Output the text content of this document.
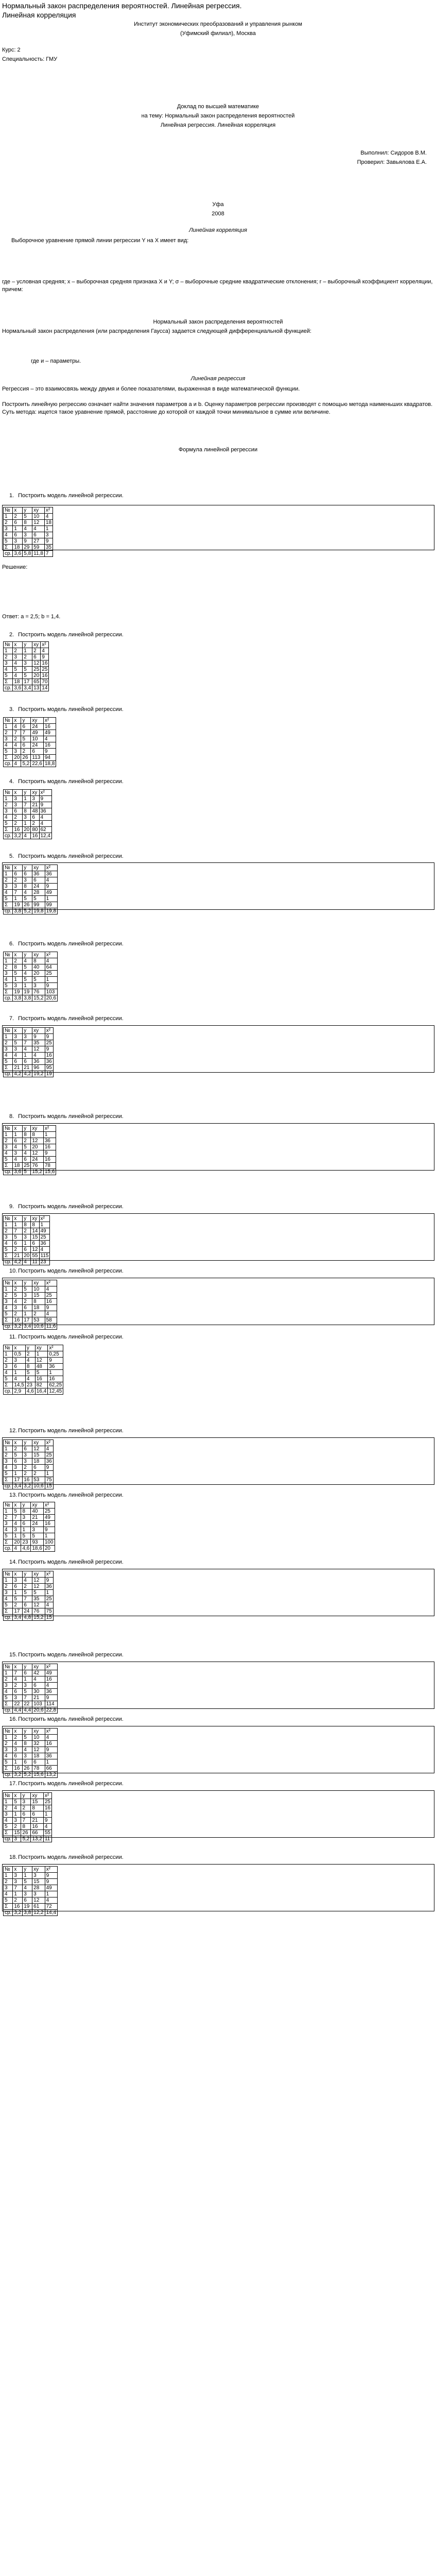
Нормальный закон распределения вероятностей. Линейная регрессия. Линейная корреляция
Институт экономических преобразований и управления рынком
(Уфимский филиал), Москва
Курс: 2
Специальность: ГМУ
Доклад по высшей математике
на тему: Нормальный закон распределения вероятностей
Линейная регрессия. Линейная корреляция
Выполнил: Сидоров В.М.
Проверил: Завьялова Е.А.
Уфа
2008
Линейная корреляция
Выборочное уравнение прямой линии регрессии Y на X имеет вид:
где – условная средняя; x – выборочная средняя признака X и Y; σ – выборочные средние квадратические отклонения; r – выборочный коэффициент корреляции, причем:
Нормальный закон распределения вероятностей
Нормальный закон распределения (или распределения Гаусса) задается следующей дифференциальной функцией:
где и – параметры.
Линейная регрессия
Регрессия – это взаимосвязь между двумя и более показателями, выраженная в виде математической функции.
Построить линейную регрессию означает найти значения параметров a и b. Оценку параметров регрессии производят с помощью метода наименьших квадратов. Суть метода: ищется такое уравнение прямой, расстояние до которой от каждой точки минимальное в сумме или величине.
Формула линейной регрессии
1. Построить модель линейной регрессии.
№	x	y	xy	x²
1	2	5	10	4
2	6	8	12	18
3	1	4	4	1
4	6	3	6	3
5	3	9	27	9
Σ	18	29	59	35
ср.	3,6	5,8	11,8	7
Решение:
Ответ: a = 2,5; b = 1,4.
2. Построить модель линейной регрессии.
№	x	y	xy	x²
1	2	1	2	4
2	3	2	6	9
3	4	3	12	16
4	5	5	25	25
5	4	5	20	16
Σ	18	17	65	70
ср.	3,6	3,4	13	14
3. Построить модель линейной регрессии.
№	x	y	xy	x²
1	4	6	24	16
2	7	7	49	49
3	2	5	10	4
4	4	6	24	16
5	3	2	6	9
Σ	20	26	113	94
ср.	4	5,2	22,6	18,8
4. Построить модель линейной регрессии.
№	x	y	xy	x²
1	3	1	3	9
2	3	7	21	9
3	6	8	48	36
4	2	3	6	4
5	2	1	2	4
Σ	16	20	80	62
ср.	3,2	4	16	12,4
5. Построить модель линейной регрессии.
№	x	y	xy	x²
1	6	6	36	36
2	2	3	6	4
3	3	8	24	9
4	7	4	28	49
5	1	5	5	1
Σ	19	26	99	99
ср.	3,8	5,2	19,8	19,8
6. Построить модель линейной регрессии.
№	x	y	xy	x²
1	2	4	8	4
2	8	5	40	64
3	5	4	20	25
4	1	5	5	1
5	3	1	3	9
Σ	19	19	76	103
ср.	3,8	3,8	15,2	20,6
7. Построить модель линейной регрессии.
№	x	y	xy	x²
1	3	3	9	9
2	5	7	35	25
3	3	4	12	9
4	4	1	4	16
5	6	6	36	36
Σ	21	21	96	95
ср.	4,2	4,2	19,2	19
8. Построить модель линейной регрессии.
№	x	y	xy	x²
1	1	8	8	1
2	6	2	12	36
3	4	5	20	16
4	3	4	12	9
5	4	6	24	16
Σ	18	25	76	78
ср.	3,6	5	15,2	15,6
9. Построить модель линейной регрессии.
№	x	y	xy	x²
1	1	8	8	1
2	7	2	14	49
3	5	3	15	25
4	6	1	6	36
5	2	6	12	4
Σ	21	20	55	115
ср.	4,2	4	11	23
10. Построить модель линейной регрессии.
№	x	y	xy	x²
1	2	5	10	4
2	5	3	15	25
3	4	2	8	16
4	3	6	18	9
5	2	1	2	4
Σ	16	17	53	58
ср.	3,2	3,4	10,6	11,6
11. Построить модель линейной регрессии.
№	x	y	xy	x²
1	0,5	2	1	0,25
2	3	4	12	9
3	6	8	48	36
4	1	5	5	1
5	4	4	16	16
Σ	14,5	23	82	62,25
ср.	2,9	4,6	16,4	12,45
12. Построить модель линейной регрессии.
№	x	y	xy	x²
1	2	6	12	4
2	5	3	15	25
3	6	3	18	36
4	3	2	6	9
5	1	2	2	1
Σ	17	16	53	75
ср.	3,4	3,2	10,6	15
13. Построить модель линейной регрессии.
№	x	y	xy	x²
1	5	8	40	25
2	7	3	21	49
3	4	6	24	16
4	3	1	3	9
5	1	5	5	1
Σ	20	23	93	100
ср.	4	4,6	18,6	20
14. Построить модель линейной регрессии.
№	x	y	xy	x²
1	3	4	12	9
2	6	2	12	36
3	1	5	5	1
4	5	7	35	25
5	2	6	12	4
Σ	17	24	76	75
ср.	3,4	4,8	15,2	15
15. Построить модель линейной регрессии.
№	x	y	xy	x²
1	7	6	42	49
2	4	1	4	16
3	2	3	6	4
4	6	5	30	36
5	3	7	21	9
Σ	22	22	103	114
ср.	4,4	4,4	20,6	22,8
16. Построить модель линейной регрессии.
№	x	y	xy	x²
1	2	5	10	4
2	4	8	32	16
3	3	4	12	9
4	6	3	18	36
5	1	6	6	1
Σ	16	26	78	66
ср.	3,2	5,2	15,6	13,2
17. Построить модель линейной регрессии.
№	x	y	xy	x²
1	5	3	15	25
2	4	2	8	16
3	1	6	6	1
4	3	7	21	9
5	2	8	16	4
Σ	15	26	66	55
ср.	3	5,2	13,2	11
18. Построить модель линейной регрессии.
№	x	y	xy	x²
1	3	1	3	9
2	3	5	15	9
3	7	4	28	49
4	1	3	3	1
5	2	6	12	4
Σ	16	19	61	72
ср.	3,2	3,8	12,2	14,4
